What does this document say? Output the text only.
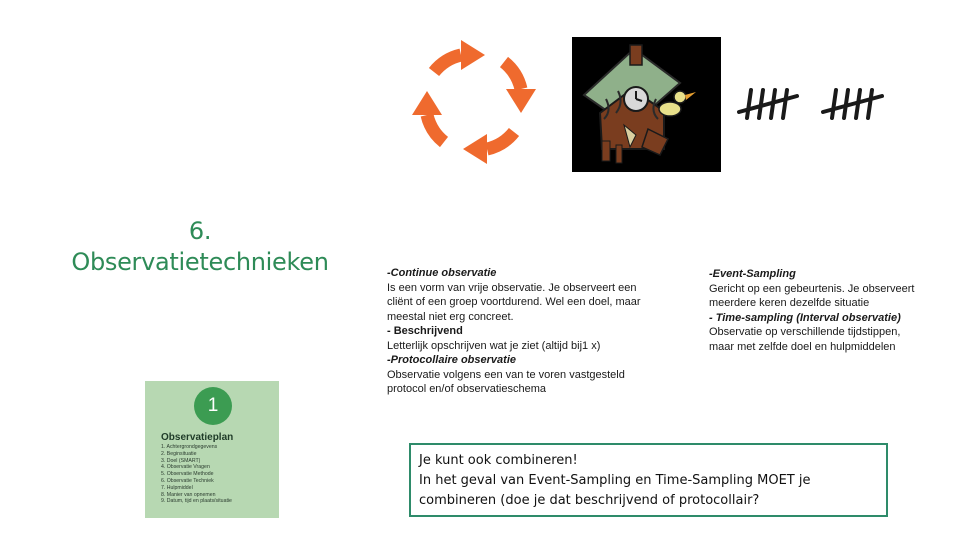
6.
Observatietechnieken	-Continue observatie
Is een vorm van vrije observatie. Je observeert een cliënt of een groep voortdurend. Wel een doel, maar meestal niet erg concreet.
- Beschrijvend
Letterlijk opschrijven wat je ziet (altijd bij1 x)
-Protocollaire observatie
Observatie volgens een van te voren vastgesteld protocol en/of observatieschema
-Event-Sampling
Gericht op een gebeurtenis. Je observeert meerdere keren dezelfde situatie
- Time-sampling (Interval observatie)
Observatie op verschillende tijdstippen, maar met zelfde doel en hulpmiddelen
1
Observatieplan
1. Achtergrondgegevens
2. Beginsituatie
3. Doel (SMART)
4. Observatie Vragen
5. Observatie Methode
6. Observatie Techniek
7. Hulpmiddel
8. Manier van opnemen
9. Datum, tijd en plaats/situatie
Je kunt ook combineren!
In het geval van Event-Sampling en Time-Sampling MOET je
combineren (doe je dat beschrijvend of protocollair?
